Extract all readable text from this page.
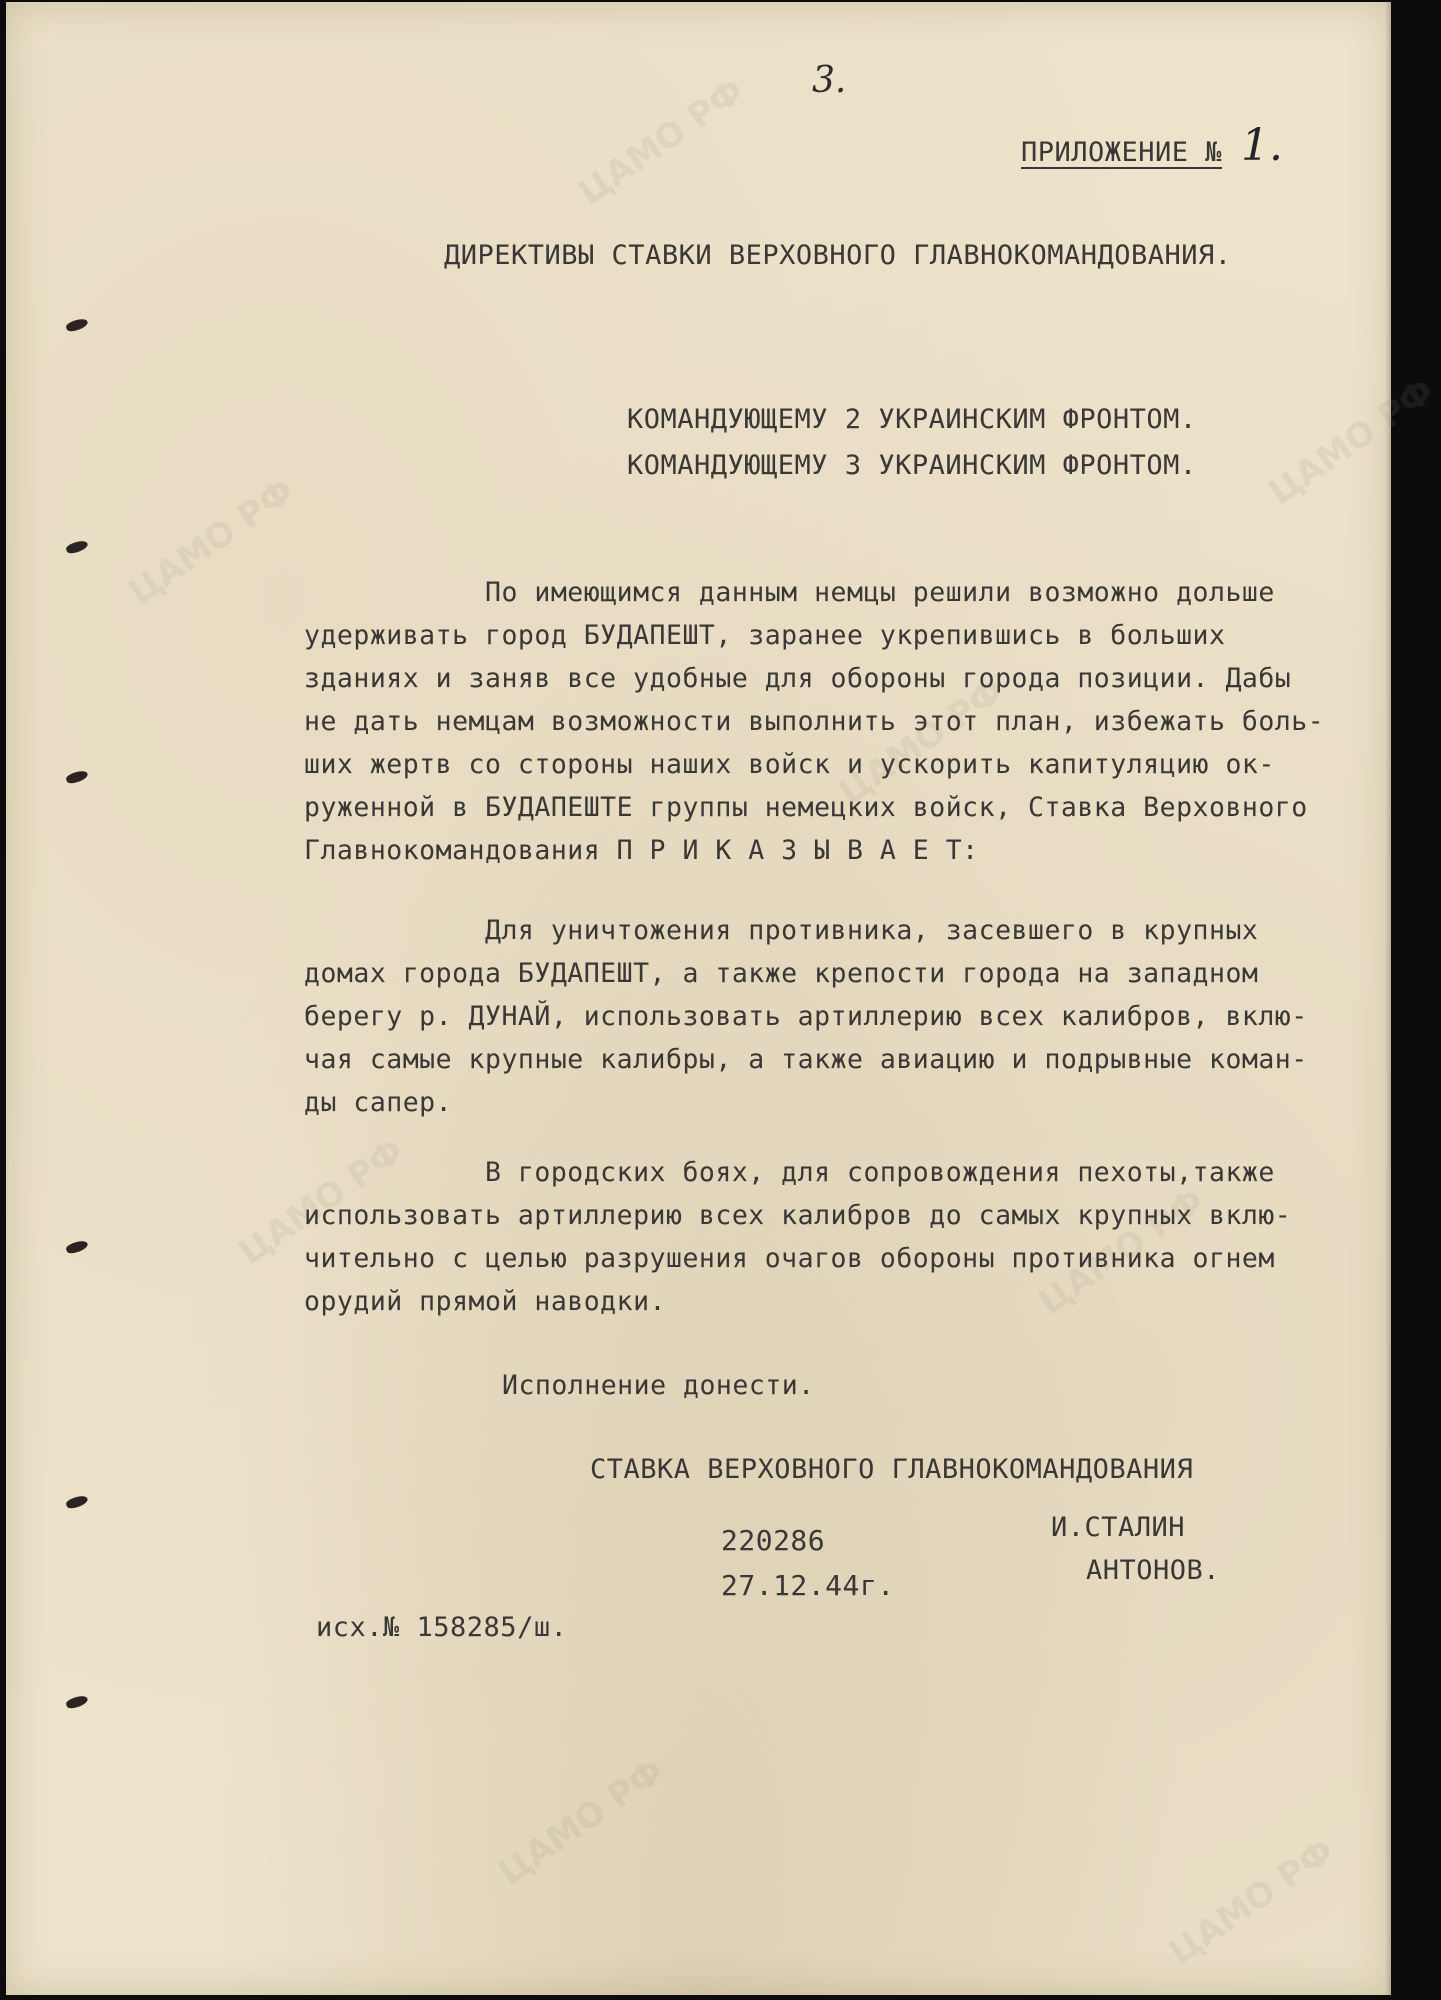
ЦАМО РФ
ЦАМО РФ
ЦАМО РФ
ЦАМО РФ
ЦАМО РФ	ЦАМО РФ
ЦАМО РФ
ЦАМО РФ
3.
ПРИЛОЖЕНИЕ № 1.
ДИРЕКТИВЫ СТАВКИ ВЕРХОВНОГО ГЛАВНОКОМАНДОВАНИЯ.
КОМАНДУЮЩЕМУ 2 УКРАИНСКИМ ФРОНТОМ.
КОМАНДУЮЩЕМУ 3 УКРАИНСКИМ ФРОНТОМ.
По имеющимся данным немцы решили возможно дольше
удерживать город БУДАПЕШТ, заранее укрепившись в больших
зданиях и заняв все удобные для обороны города позиции. Дабы
не дать немцам возможности выполнить этот план, избежать боль-
ших жертв со стороны наших войск и ускорить капитуляцию ок-
руженной в БУДАПЕШТЕ группы немецких войск, Ставка Верховного
Главнокомандования П Р И К А З Ы В А Е Т:
Для уничтожения противника, засевшего в крупных
домах города БУДАПЕШТ, а также крепости города на западном
берегу р. ДУНАЙ, использовать артиллерию всех калибров, вклю-
чая самые крупные калибры, а также авиацию и подрывные коман-
ды сапер.
В городских боях, для сопровождения пехоты,также
использовать артиллерию всех калибров до самых крупных вклю-
чительно с целью разрушения очагов обороны противника огнем
орудий прямой наводки.
Исполнение донести.
СТАВКА ВЕРХОВНОГО ГЛАВНОКОМАНДОВАНИЯ
220286
27.12.44г.
И.СТАЛИН
АНТОНОВ.
исх.№ 158285/ш.
